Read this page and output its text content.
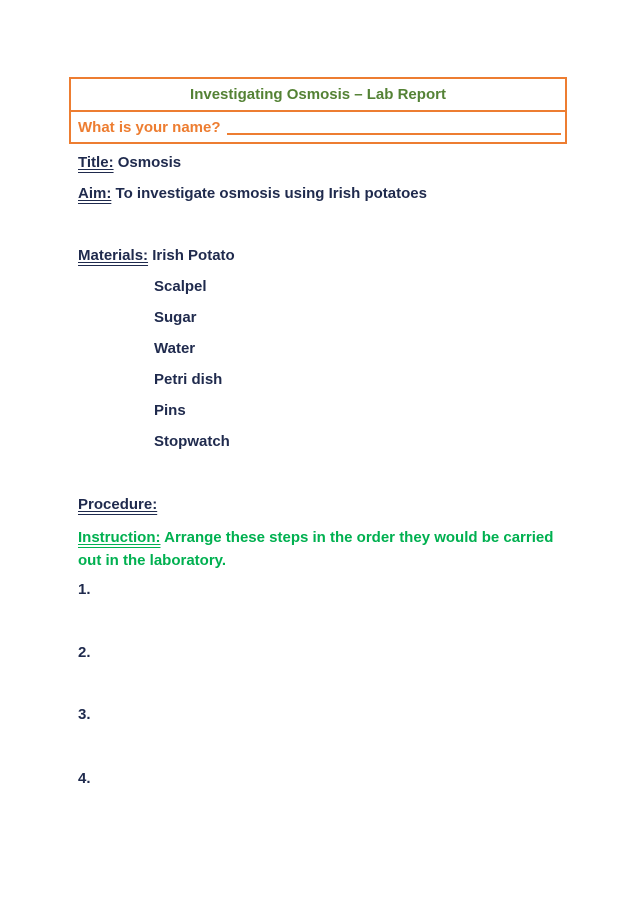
Investigating Osmosis – Lab Report
What is your name?
Title: Osmosis
Aim: To investigate osmosis using Irish potatoes
Materials: Irish Potato
Scalpel
Sugar
Water
Petri dish
Pins
Stopwatch
Procedure:
Instruction: Arrange these steps in the order they would be carried out in the laboratory.
1.
2.
3.
4.
